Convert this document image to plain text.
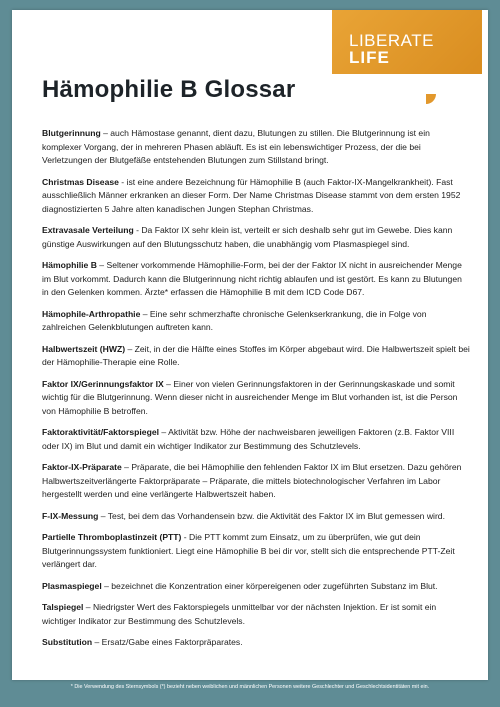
LIBERATE
LIFE
Hämophilie B Glossar

Blutgerinnung – auch Hämostase genannt, dient dazu, Blutungen zu stillen. Die Blutgerinnung ist ein komplexer Vorgang, der in mehreren Phasen abläuft. Es ist ein lebenswichtiger Prozess, der die bei Verletzungen der Blutgefäße entstehenden Blutungen zum Stillstand bringt.

Christmas Disease - ist eine andere Bezeichnung für Hämophilie B (auch Faktor-IX-Mangelkrankheit). Fast ausschließlich Männer erkranken an dieser Form. Der Name Christmas Disease stammt von dem ersten 1952 diagnostizierten 5 Jahre alten kanadischen Jungen Stephan Christmas.

Extravasale Verteilung - Da Faktor IX sehr klein ist, verteilt er sich deshalb sehr gut im Gewebe. Dies kann günstige Auswirkungen auf den Blutungsschutz haben, die unabhängig vom Plasmaspiegel sind.

Hämophilie B – Seltener vorkommende Hämophilie-Form, bei der der Faktor IX nicht in ausreichender Menge im Blut vorkommt. Dadurch kann die Blutgerinnung nicht richtig ablaufen und ist gestört. Es kann zu Blutungen in den Gelenken kommen. Ärzte* erfassen die Hämophilie B mit dem ICD Code D67.

Hämophile-Arthropathie – Eine sehr schmerzhafte chronische Gelenkserkrankung, die in Folge von zahlreichen Gelenkblutungen auftreten kann.

Halbwertszeit (HWZ) – Zeit, in der die Hälfte eines Stoffes im Körper abgebaut wird. Die Halbwertszeit spielt bei der Hämophilie-Therapie eine Rolle.

Faktor IX/Gerinnungsfaktor IX – Einer von vielen Gerinnungsfaktoren in der Gerinnungskaskade und somit wichtig für die Blutgerinnung. Wenn dieser nicht in ausreichender Menge im Blut vorhanden ist, ist die Person von Hämophilie B betroffen.

Faktoraktivität/Faktorspiegel – Aktivität bzw. Höhe der nachweisbaren jeweiligen Faktoren (z.B. Faktor VIII oder IX) im Blut und damit ein wichtiger Indikator zur Bestimmung des Schutzlevels.

Faktor-IX-Präparate – Präparate, die bei Hämophilie den fehlenden Faktor IX im Blut ersetzen. Dazu gehören Halbwertszeitverlängerte Faktorpräparate – Präparate, die mittels biotechnologischer Verfahren im Labor hergestellt werden und eine verlängerte Halbwertszeit haben.

F-IX-Messung – Test, bei dem das Vorhandensein bzw. die Aktivität des Faktor IX im Blut gemessen wird.

Partielle Thromboplastinzeit (PTT) - Die PTT kommt zum Einsatz, um zu überprüfen, wie gut dein Blutgerinnungssystem funktioniert. Liegt eine Hämophilie B bei dir vor, stellt sich die entsprechende PTT-Zeit verlängert dar.

Plasmaspiegel – bezeichnet die Konzentration einer körpereigenen oder zugeführten Substanz im Blut.

Talspiegel – Niedrigster Wert des Faktorspiegels unmittelbar vor der nächsten Injektion. Er ist somit ein wichtiger Indikator zur Bestimmung des Schutzlevels.

Substitution – Ersatz/Gabe eines Faktorpräparates.

* Die Verwendung des Sternsymbols (*) bezieht neben weiblichen und männlichen Personen weitere Geschlechter und Geschlechtsidentitäten mit ein.
